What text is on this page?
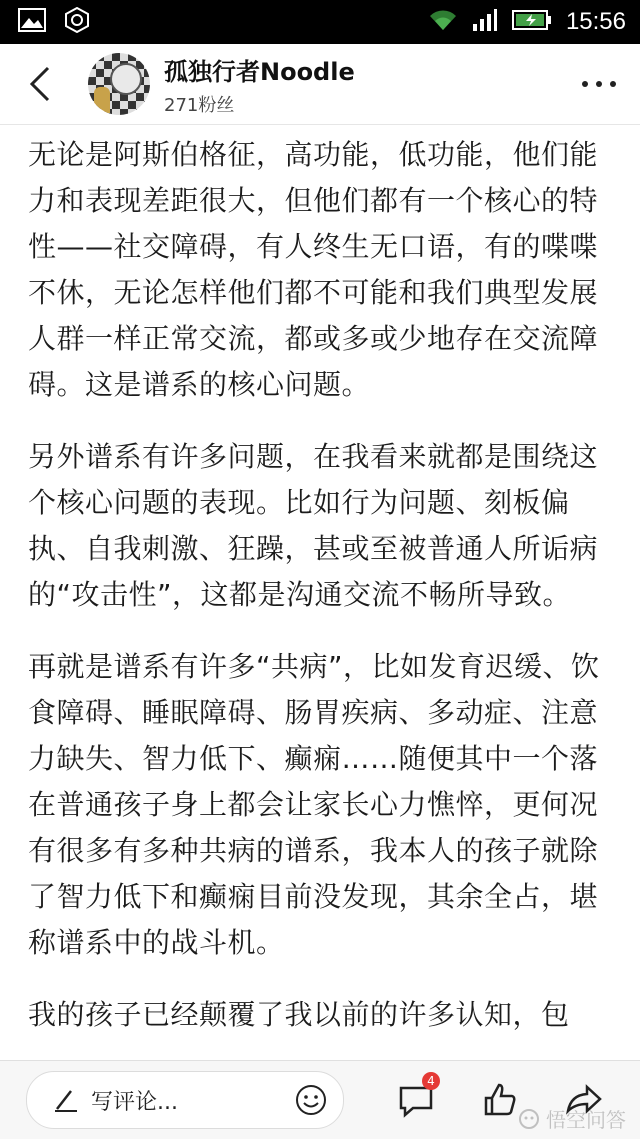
15:56
孤独行者Noodle
271粉丝

无论是阿斯伯格征，高功能，低功能，他们能力和表现差距很大，但他们都有一个核心的特性——社交障碍，有人终生无口语，有的喋喋不休，无论怎样他们都不可能和我们典型发展人群一样正常交流，都或多或少地存在交流障碍。这是谱系的核心问题。

另外谱系有许多问题，在我看来就都是围绕这个核心问题的表现。比如行为问题、刻板偏执、自我刺激、狂躁，甚或至被普通人所诟病的“攻击性”，这都是沟通交流不畅所导致。

再就是谱系有许多“共病”，比如发育迟缓、饮食障碍、睡眠障碍、肠胃疾病、多动症、注意力缺失、智力低下、癫痫……随便其中一个落在普通孩子身上都会让家长心力憔悴，更何况有很多有多种共病的谱系，我本人的孩子就除了智力低下和癫痫目前没发现，其余全占，堪称谱系中的战斗机。

我的孩子已经颠覆了我以前的许多认知，包

写评论...
4
悟空问答
